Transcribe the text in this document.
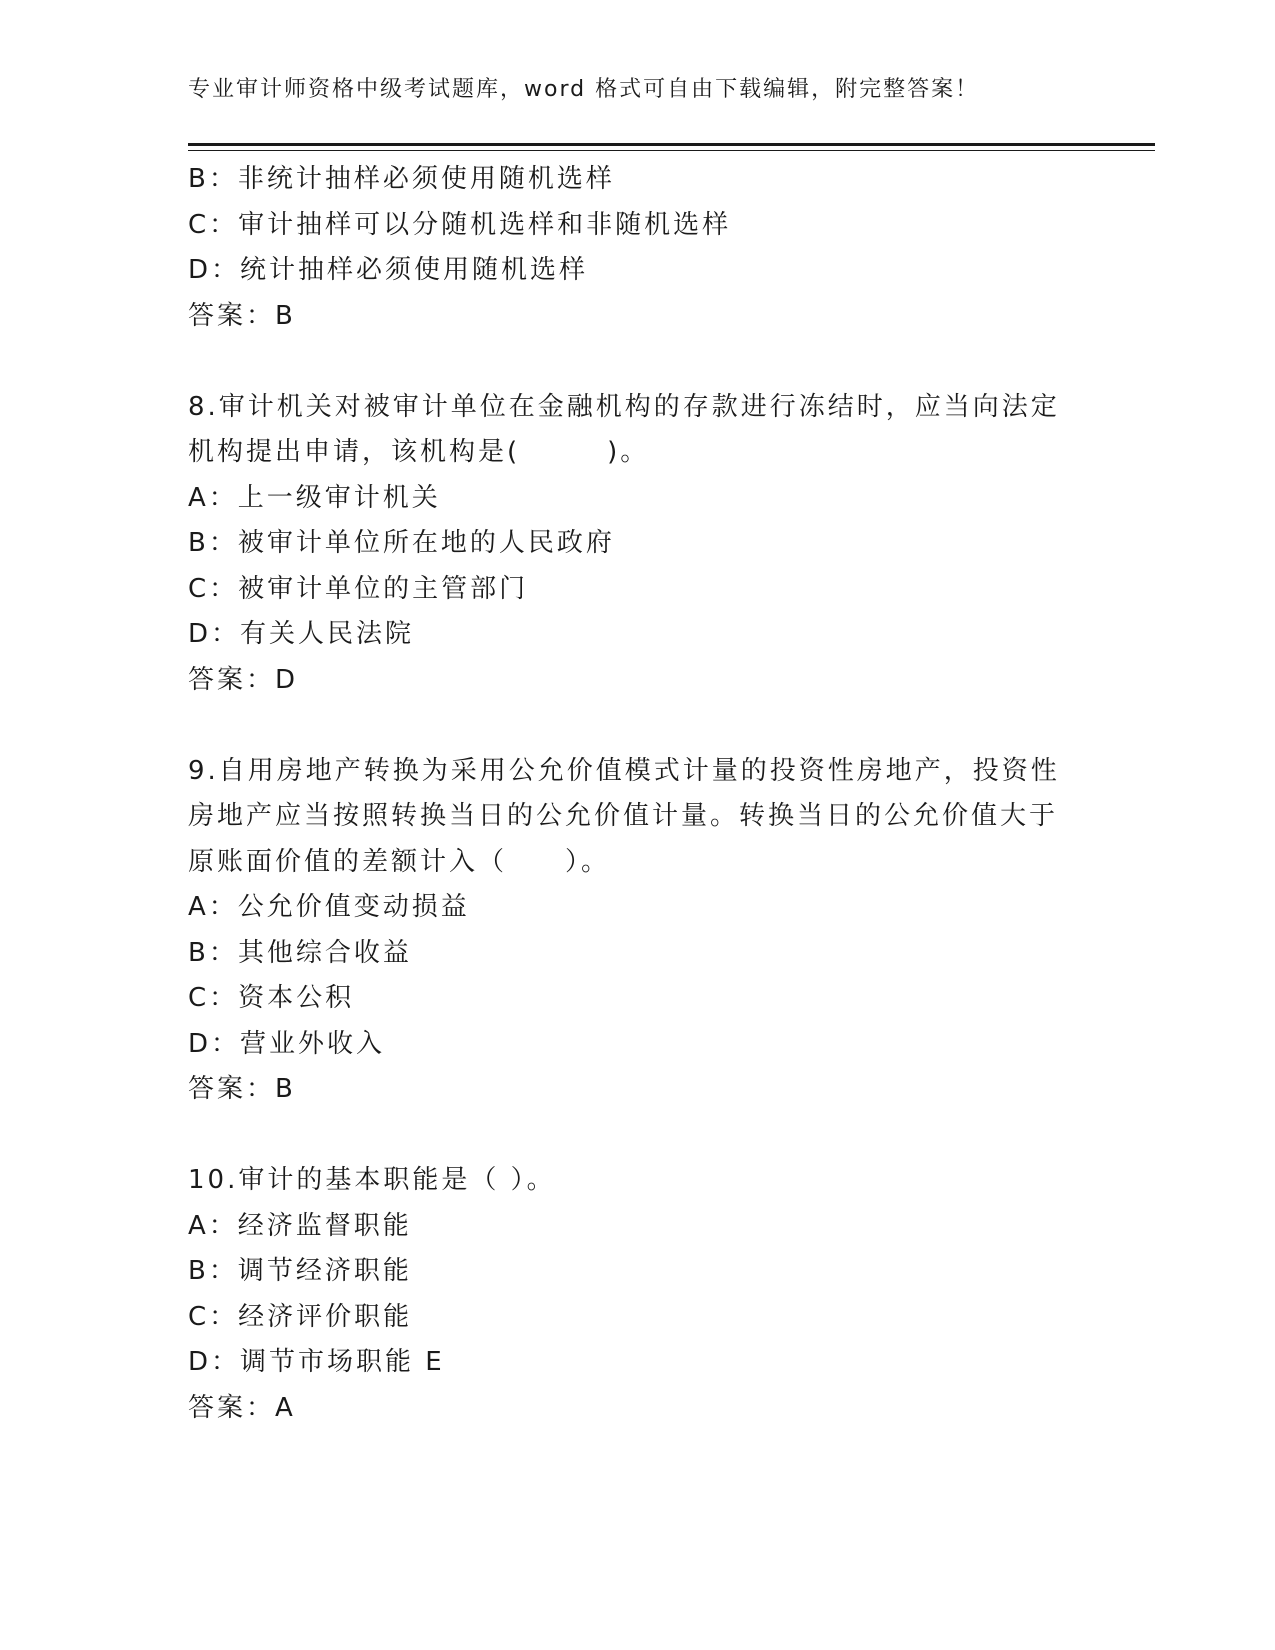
专业审计师资格中级考试题库，word 格式可自由下载编辑，附完整答案！
B：非统计抽样必须使用随机选样
C：审计抽样可以分随机选样和非随机选样
D：统计抽样必须使用随机选样
答案：B
8.审计机关对被审计单位在金融机构的存款进行冻结时，应当向法定
机构提出申请，该机构是(　　　)。
A：上一级审计机关
B：被审计单位所在地的人民政府
C：被审计单位的主管部门
D：有关人民法院
答案：D
9.自用房地产转换为采用公允价值模式计量的投资性房地产，投资性
房地产应当按照转换当日的公允价值计量。转换当日的公允价值大于
原账面价值的差额计入（　　）。
A：公允价值变动损益
B：其他综合收益
C：资本公积
D：营业外收入
答案：B
10.审计的基本职能是（ ）。
A：经济监督职能
B：调节经济职能
C：经济评价职能
D：调节市场职能 E
答案：A
